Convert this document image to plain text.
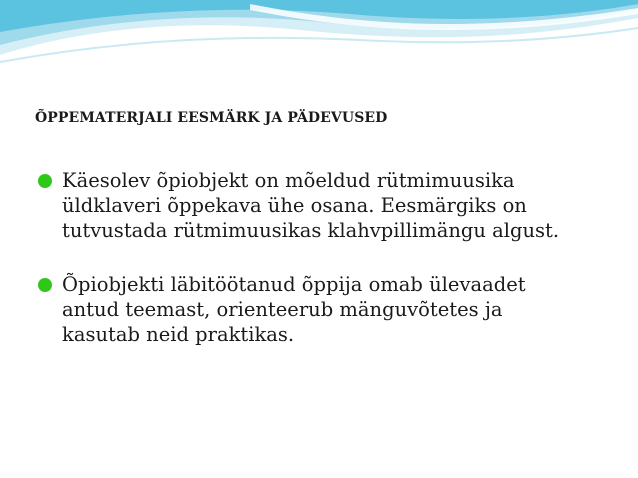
ÕPPEMATERJALI EESMÄRK JA PÄDEVUSED
Käesolev õpiobjekt on mõeldud rütmimuusika üldklaveri õppekava ühe osana. Eesmärgiks on tutvustada rütmimuusikas klahvpillimängu algust.
Õpiobjekti läbitöötanud õppija omab ülevaadet antud teemast, orienteerub mänguvõtetes ja kasutab neid praktikas.
